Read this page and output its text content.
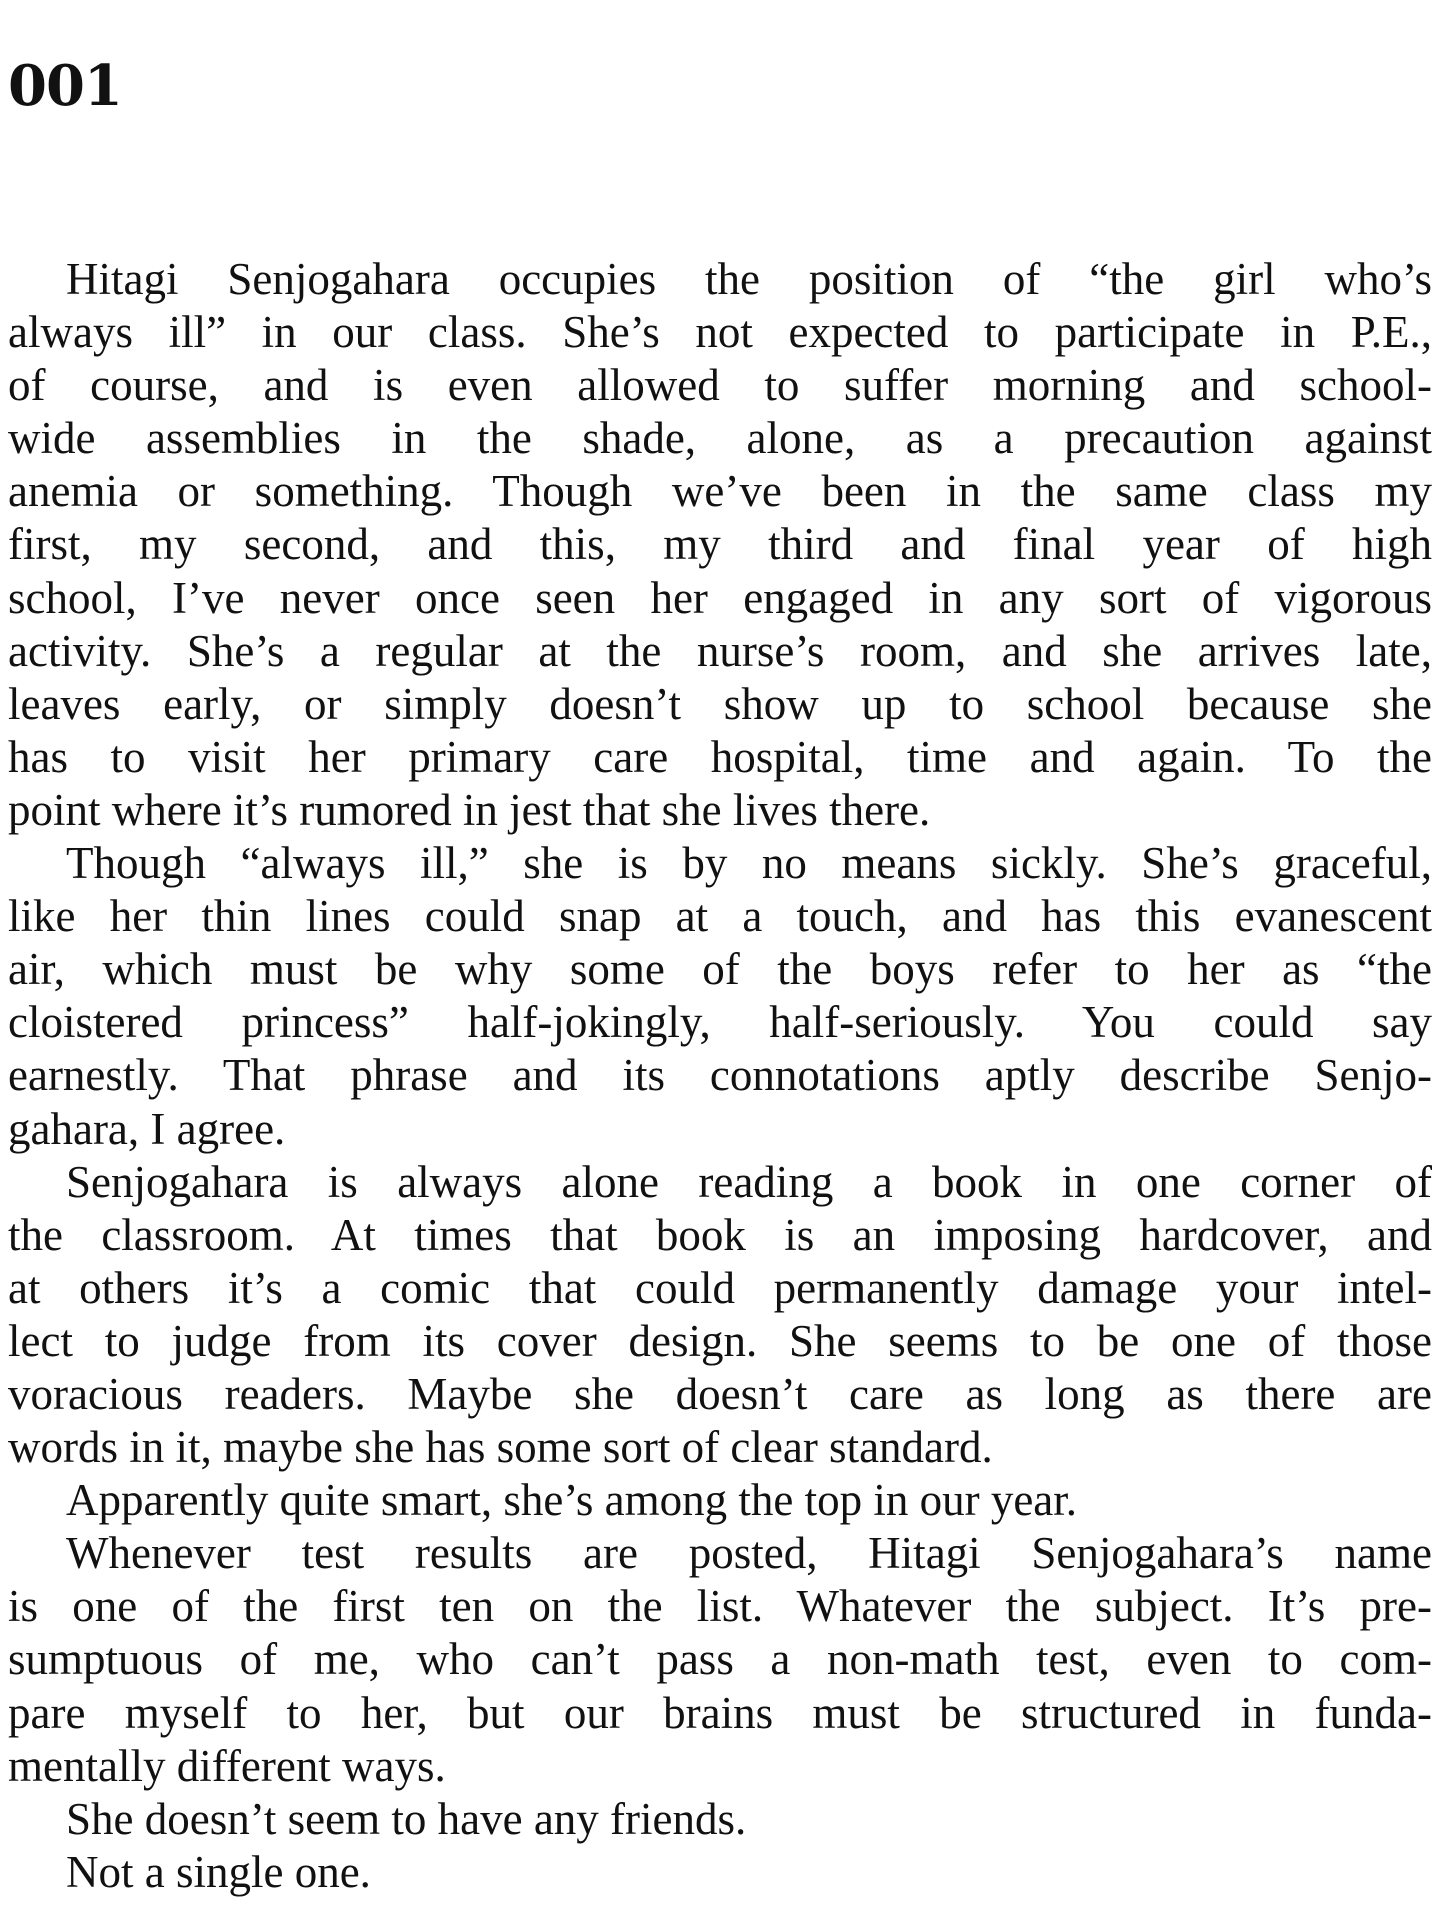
001
Hitagi Senjogahara occupies the position of “the girl who’s
always ill” in our class. She’s not expected to participate in P.E.,
of course, and is even allowed to suffer morning and school-
wide assemblies in the shade, alone, as a precaution against
anemia or something. Though we’ve been in the same class my
first, my second, and this, my third and final year of high
school, I’ve never once seen her engaged in any sort of vigorous
activity. She’s a regular at the nurse’s room, and she arrives late,
leaves early, or simply doesn’t show up to school because she
has to visit her primary care hospital, time and again. To the
point where it’s rumored in jest that she lives there.
Though “always ill,” she is by no means sickly. She’s graceful,
like her thin lines could snap at a touch, and has this evanescent
air, which must be why some of the boys refer to her as “the
cloistered princess” half-jokingly, half-seriously. You could say
earnestly. That phrase and its connotations aptly describe Senjo-
gahara, I agree.
Senjogahara is always alone reading a book in one corner of
the classroom. At times that book is an imposing hardcover, and
at others it’s a comic that could permanently damage your intel-
lect to judge from its cover design. She seems to be one of those
voracious readers. Maybe she doesn’t care as long as there are
words in it, maybe she has some sort of clear standard.
Apparently quite smart, she’s among the top in our year.
Whenever test results are posted, Hitagi Senjogahara’s name
is one of the first ten on the list. Whatever the subject. It’s pre-
sumptuous of me, who can’t pass a non-math test, even to com-
pare myself to her, but our brains must be structured in funda-
mentally different ways.
She doesn’t seem to have any friends.
Not a single one.
